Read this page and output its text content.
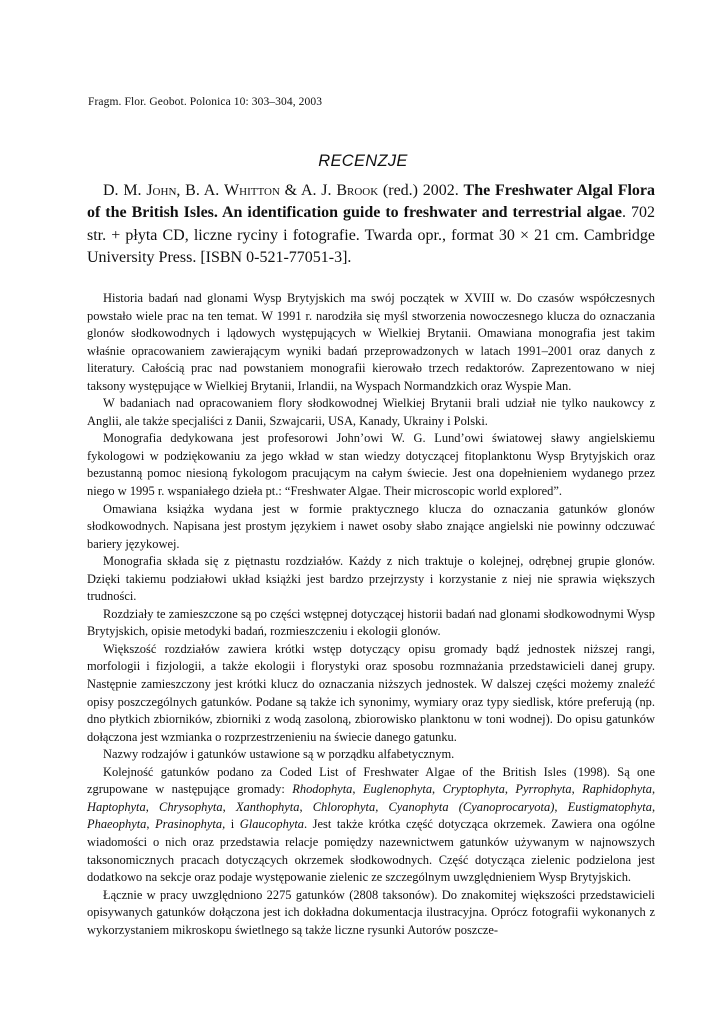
Fragm. Flor. Geobot. Polonica 10: 303–304, 2003
RECENZJE
D. M. John, B. A. Whitton & A. J. Brook (red.) 2002. The Freshwater Algal Flora of the British Isles. An identification guide to freshwater and terrestrial algae. 702 str. + płyta CD, liczne ryciny i fotografie. Twarda opr., format 30 × 21 cm. Cambridge University Press. [ISBN 0-521-77051-3].

Historia badań nad glonami Wysp Brytyjskich ma swój początek w XVIII w. Do czasów współczesnych powstało wiele prac na ten temat. W 1991 r. narodziła się myśl stworzenia nowoczesnego klucza do oznaczania glonów słodkowodnych i lądowych występujących w Wielkiej Brytanii. Omawiana monografia jest takim właśnie opracowaniem zawierającym wyniki badań przeprowadzonych w latach 1991–2001 oraz danych z literatury. Całością prac nad powstaniem monografii kierowało trzech redaktorów. Zaprezentowano w niej taksony występujące w Wielkiej Brytanii, Irlandii, na Wyspach Normandzkich oraz Wyspie Man.

W badaniach nad opracowaniem flory słodkowodnej Wielkiej Brytanii brali udział nie tylko naukowcy z Anglii, ale także specjaliści z Danii, Szwajcarii, USA, Kanady, Ukrainy i Polski.

Monografia dedykowana jest profesorowi John’owi W. G. Lund’owi światowej sławy angielskiemu fykologowi w podziękowaniu za jego wkład w stan wiedzy dotyczącej fitoplanktonu Wysp Brytyjskich oraz bezustanną pomoc niesioną fykologom pracującym na całym świecie. Jest ona dopełnieniem wydanego przez niego w 1995 r. wspaniałego dzieła pt.: “Freshwater Algae. Their microscopic world explored”.

Omawiana książka wydana jest w formie praktycznego klucza do oznaczania gatunków glonów słodkowodnych. Napisana jest prostym językiem i nawet osoby słabo znające angielski nie powinny odczuwać bariery językowej.

Monografia składa się z piętnastu rozdziałów. Każdy z nich traktuje o kolejnej, odrębnej grupie glonów. Dzięki takiemu podziałowi układ książki jest bardzo przejrzysty i korzystanie z niej nie sprawia większych trudności.

Rozdziały te zamieszczone są po części wstępnej dotyczącej historii badań nad glonami słodkowodnymi Wysp Brytyjskich, opisie metodyki badań, rozmieszczeniu i ekologii glonów.

Większość rozdziałów zawiera krótki wstęp dotyczący opisu gromady bądź jednostek niższej rangi, morfologii i fizjologii, a także ekologii i florystyki oraz sposobu rozmnażania przedstawicieli danej grupy. Następnie zamieszczony jest krótki klucz do oznaczania niższych jednostek. W dalszej części możemy znaleźć opisy poszczególnych gatunków. Podane są także ich synonimy, wymiary oraz typy siedlisk, które preferują (np. dno płytkich zbiorników, zbiorniki z wodą zasoloną, zbiorowisko planktonu w toni wodnej). Do opisu gatunków dołączona jest wzmianka o rozprzestrzenieniu na świecie danego gatunku.

Nazwy rodzajów i gatunków ustawione są w porządku alfabetycznym.

Kolejność gatunków podano za Coded List of Freshwater Algae of the British Isles (1998). Są one zgrupowane w następujące gromady: Rhodophyta, Euglenophyta, Cryptophyta, Pyrrophyta, Raphidophyta, Haptophyta, Chrysophyta, Xanthophyta, Chlorophyta, Cyanophyta (Cyanoprocaryota), Eustigmatophyta, Phaeophyta, Prasinophyta, i Glaucophyta. Jest także krótka część dotycząca okrzemek. Zawiera ona ogólne wiadomości o nich oraz przedstawia relacje pomiędzy nazewnictwem gatunków używanym w najnowszych taksonomicznych pracach dotyczących okrzemek słodkowodnych. Część dotycząca zielenic podzielona jest dodatkowo na sekcje oraz podaje występowanie zielenic ze szczególnym uwzględnieniem Wysp Brytyjskich.

Łącznie w pracy uwzględniono 2275 gatunków (2808 taksonów). Do znakomitej większości przedstawicieli opisywanych gatunków dołączona jest ich dokładna dokumentacja ilustracyjna. Oprócz fotografii wykonanych z wykorzystaniem mikroskopu świetlnego są także liczne rysunki Autorów poszcze-
